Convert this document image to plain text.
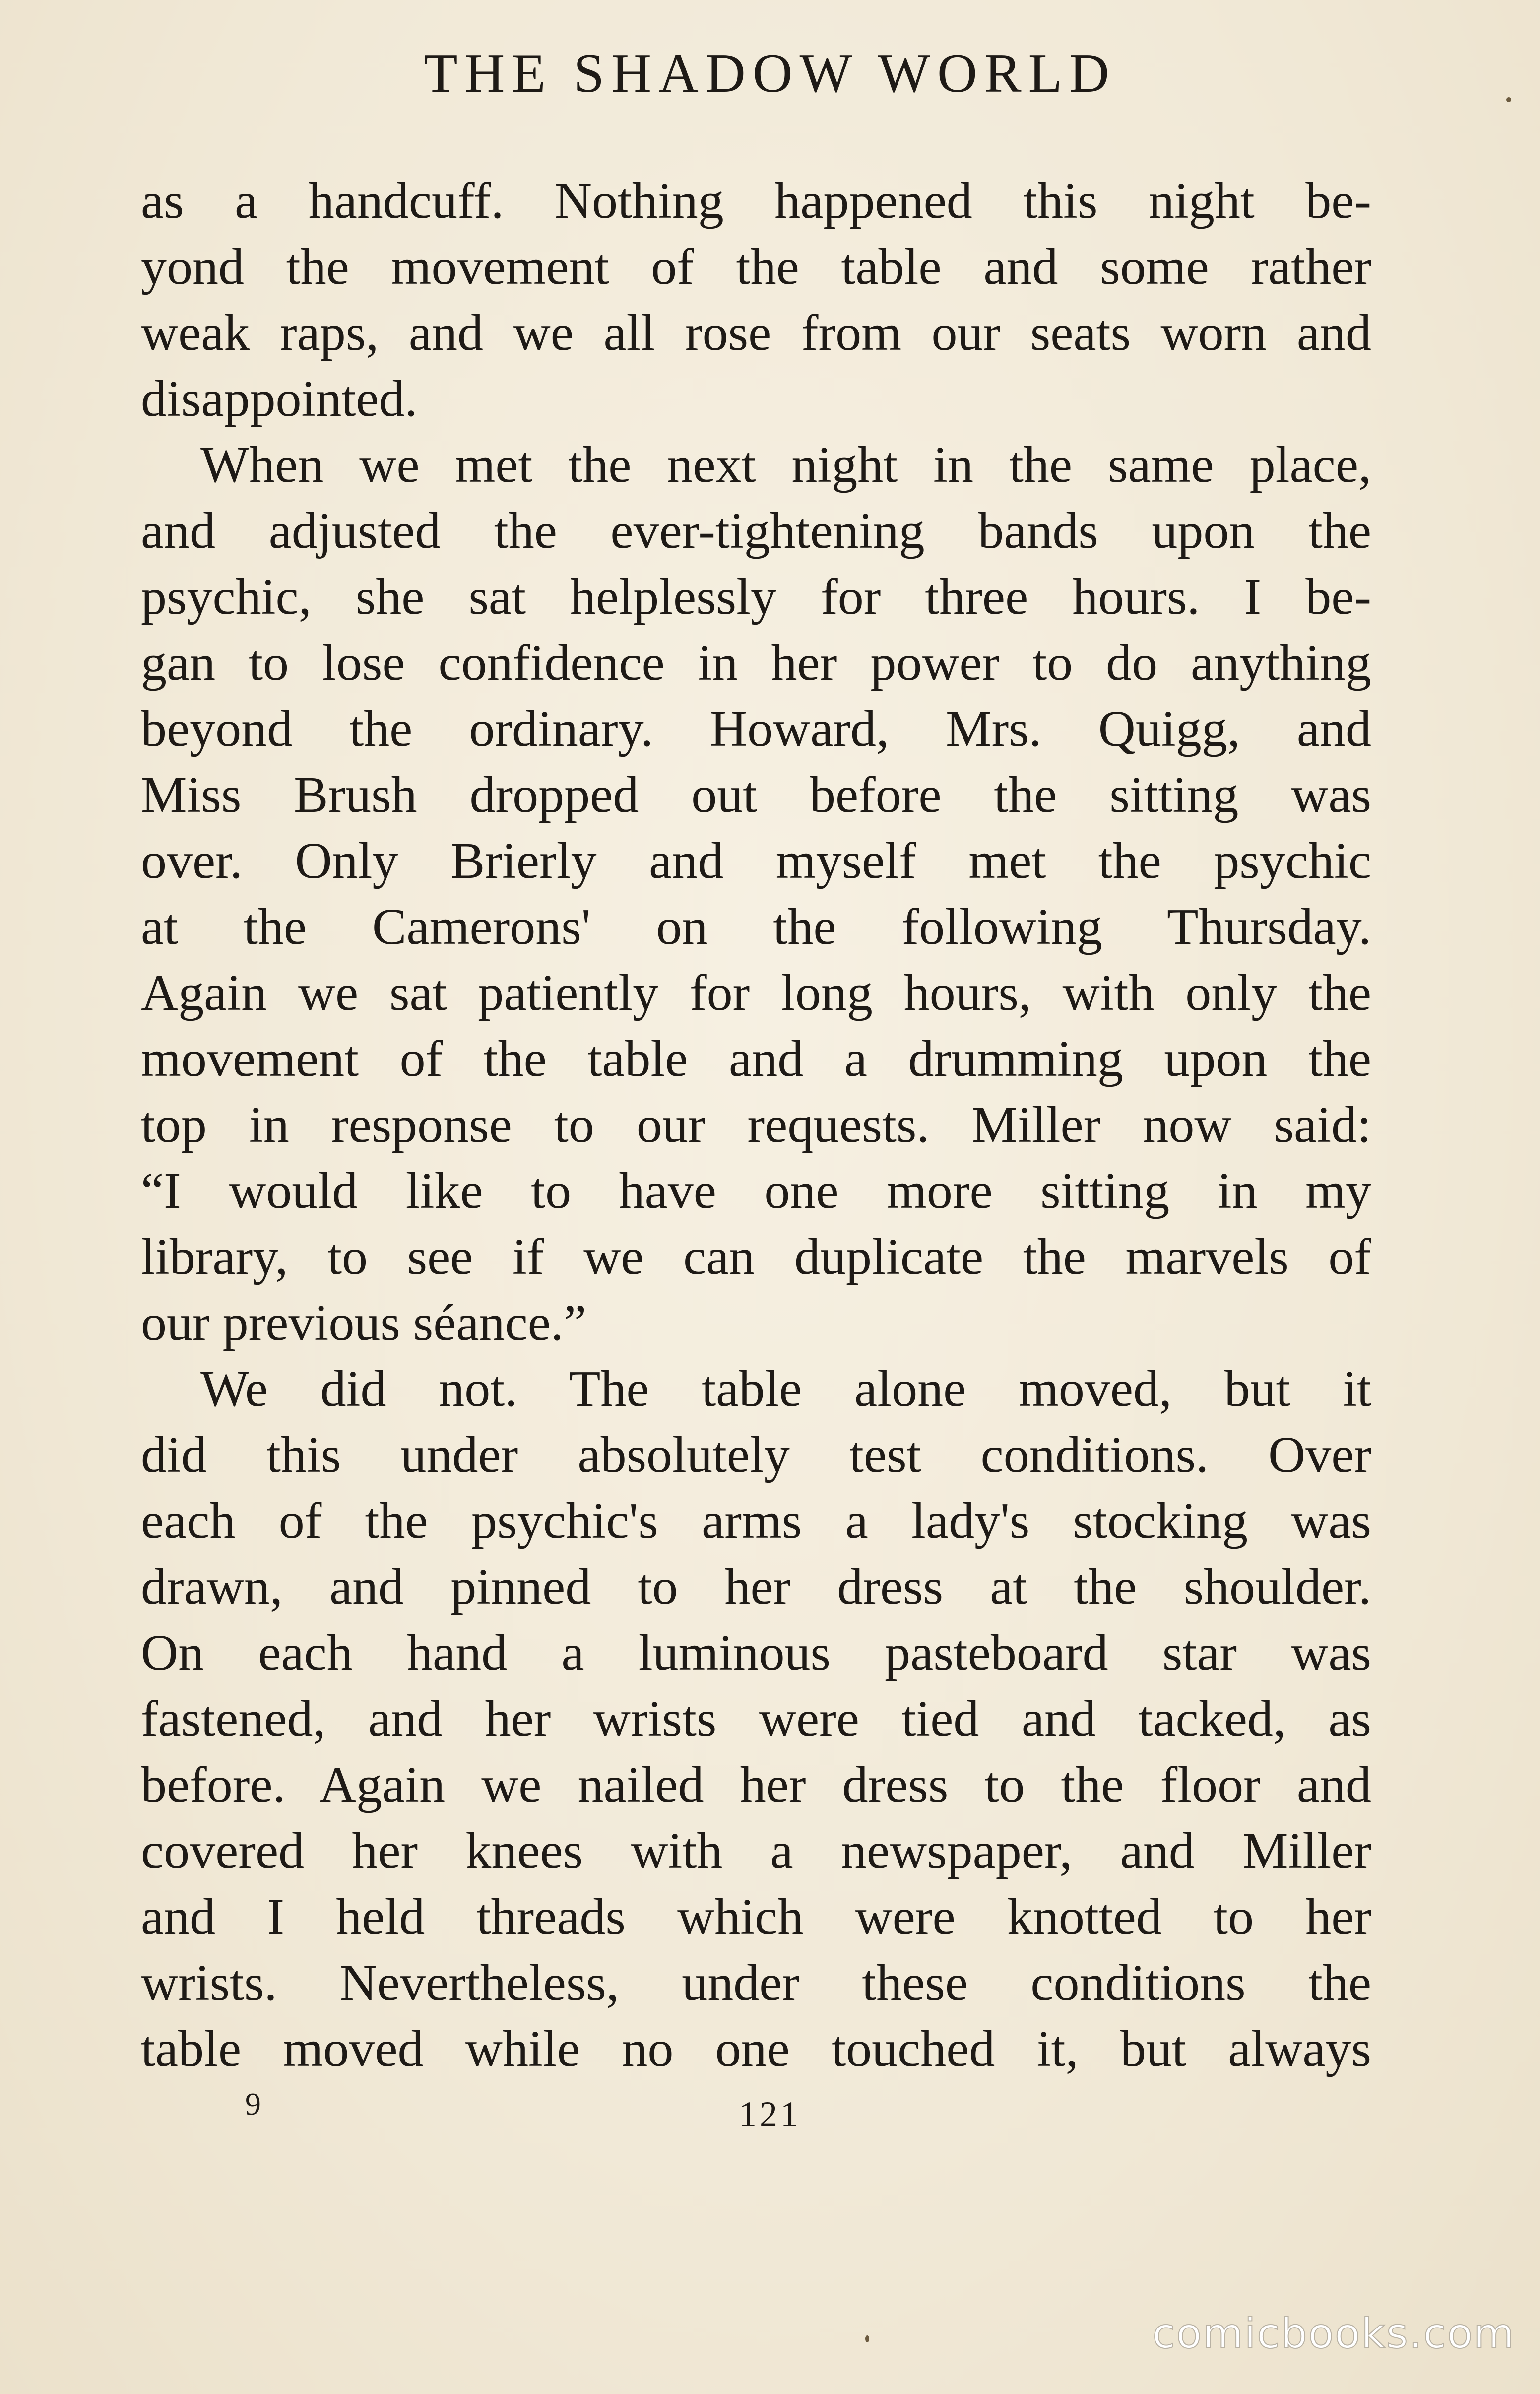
THE SHADOW WORLD
as a handcuff. Nothing happened this night be-
yond the movement of the table and some rather
weak raps, and we all rose from our seats worn and
disappointed.
When we met the next night in the same place,
and adjusted the ever-tightening bands upon the
psychic, she sat helplessly for three hours. I be-
gan to lose confidence in her power to do anything
beyond the ordinary. Howard, Mrs. Quigg, and
Miss Brush dropped out before the sitting was
over. Only Brierly and myself met the psychic
at the Camerons' on the following Thursday.
Again we sat patiently for long hours, with only the
movement of the table and a drumming upon the
top in response to our requests. Miller now said:
“I would like to have one more sitting in my
library, to see if we can duplicate the marvels of
our previous séance.”
We did not. The table alone moved, but it
did this under absolutely test conditions. Over
each of the psychic's arms a lady's stocking was
drawn, and pinned to her dress at the shoulder.
On each hand a luminous pasteboard star was
fastened, and her wrists were tied and tacked, as
before. Again we nailed her dress to the floor and
covered her knees with a newspaper, and Miller
and I held threads which were knotted to her
wrists. Nevertheless, under these conditions the
table moved while no one touched it, but always
9	121
comicbooks.com
